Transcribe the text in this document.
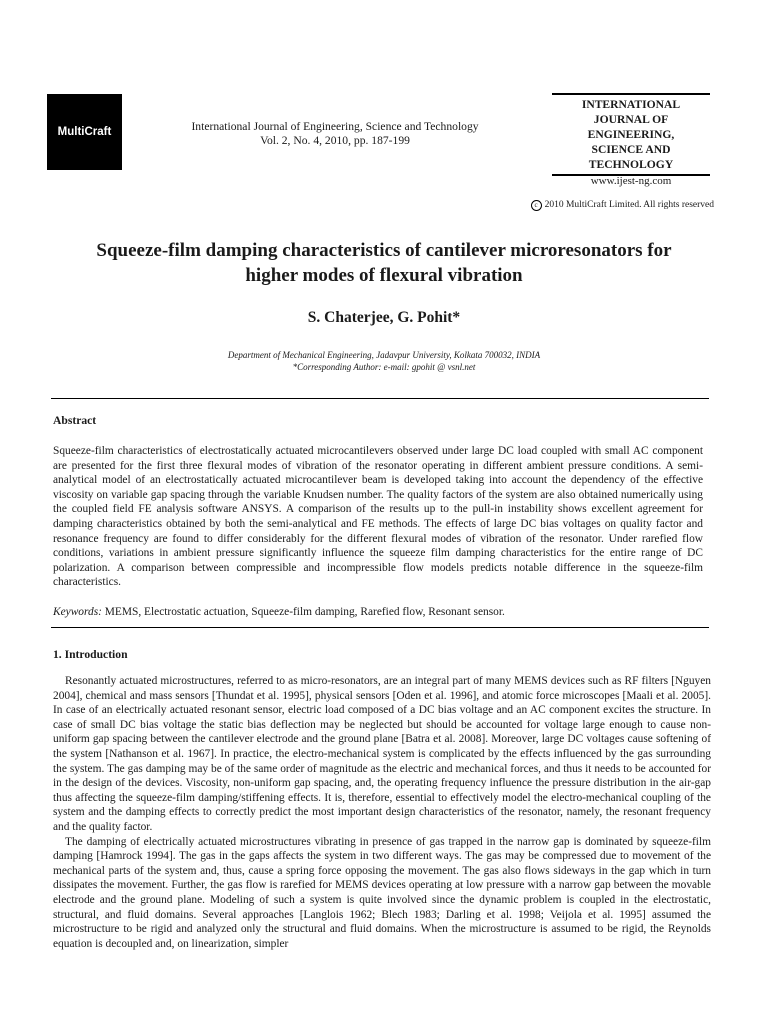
MultiCraft	International Journal of Engineering, Science and Technology
Vol. 2, No. 4, 2010, pp. 187-199
INTERNATIONAL
JOURNAL OF
ENGINEERING,
SCIENCE AND
TECHNOLOGY
www.ijest-ng.com
c 2010 MultiCraft Limited. All rights reserved
Squeeze-film damping characteristics of cantilever microresonators for
higher modes of flexural vibration
S. Chaterjee, G. Pohit*
Department of Mechanical Engineering, Jadavpur University, Kolkata 700032, INDIA
*Corresponding Author: e-mail: gpohit @ vsnl.net
Abstract
Squeeze-film characteristics of electrostatically actuated microcantilevers observed under large DC load coupled with small AC component are presented for the first three flexural modes of vibration of the resonator operating in different ambient pressure conditions. A semi-analytical model of an electrostatically actuated microcantilever beam is developed taking into account the dependency of the effective viscosity on variable gap spacing through the variable Knudsen number. The quality factors of the system are also obtained numerically using the coupled field FE analysis software ANSYS. A comparison of the results up to the pull-in instability shows excellent agreement for damping characteristics obtained by both the semi-analytical and FE methods. The effects of large DC bias voltages on quality factor and resonance frequency are found to differ considerably for the different flexural modes of vibration of the resonator. Under rarefied flow conditions, variations in ambient pressure significantly influence the squeeze film damping characteristics for the entire range of DC polarization. A comparison between compressible and incompressible flow models predicts notable difference in the squeeze-film characteristics.
Keywords: MEMS, Electrostatic actuation, Squeeze-film damping, Rarefied flow, Resonant sensor.
1. Introduction

Resonantly actuated microstructures, referred to as micro-resonators, are an integral part of many MEMS devices such as RF filters [Nguyen 2004], chemical and mass sensors [Thundat et al. 1995], physical sensors [Oden et al. 1996], and atomic force microscopes [Maali et al. 2005]. In case of an electrically actuated resonant sensor, electric load composed of a DC bias voltage and an AC component excites the structure. In case of small DC bias voltage the static bias deflection may be neglected but should be accounted for voltage large enough to cause non-uniform gap spacing between the cantilever electrode and the ground plane [Batra et al. 2008]. Moreover, large DC voltages cause softening of the system [Nathanson et al. 1967]. In practice, the electro-mechanical system is complicated by the effects influenced by the gas surrounding the system. The gas damping may be of the same order of magnitude as the electric and mechanical forces, and thus it needs to be accounted for in the design of the devices. Viscosity, non-uniform gap spacing, and, the operating frequency influence the pressure distribution in the air-gap thus affecting the squeeze-film damping/stiffening effects. It is, therefore, essential to effectively model the electro-mechanical coupling of the system and the damping effects to correctly predict the most important design characteristics of the resonator, namely, the resonant frequency and the quality factor.

The damping of electrically actuated microstructures vibrating in presence of gas trapped in the narrow gap is dominated by squeeze-film damping [Hamrock 1994]. The gas in the gaps affects the system in two different ways. The gas may be compressed due to movement of the mechanical parts of the system and, thus, cause a spring force opposing the movement. The gas also flows sideways in the gap which in turn dissipates the movement. Further, the gas flow is rarefied for MEMS devices operating at low pressure with a narrow gap between the movable electrode and the ground plane. Modeling of such a system is quite involved since the dynamic problem is coupled in the electrostatic, structural, and fluid domains. Several approaches [Langlois 1962; Blech 1983; Darling et al. 1998; Veijola et al. 1995] assumed the microstructure to be rigid and analyzed only the structural and fluid domains. When the microstructure is assumed to be rigid, the Reynolds equation is decoupled and, on linearization, simpler
